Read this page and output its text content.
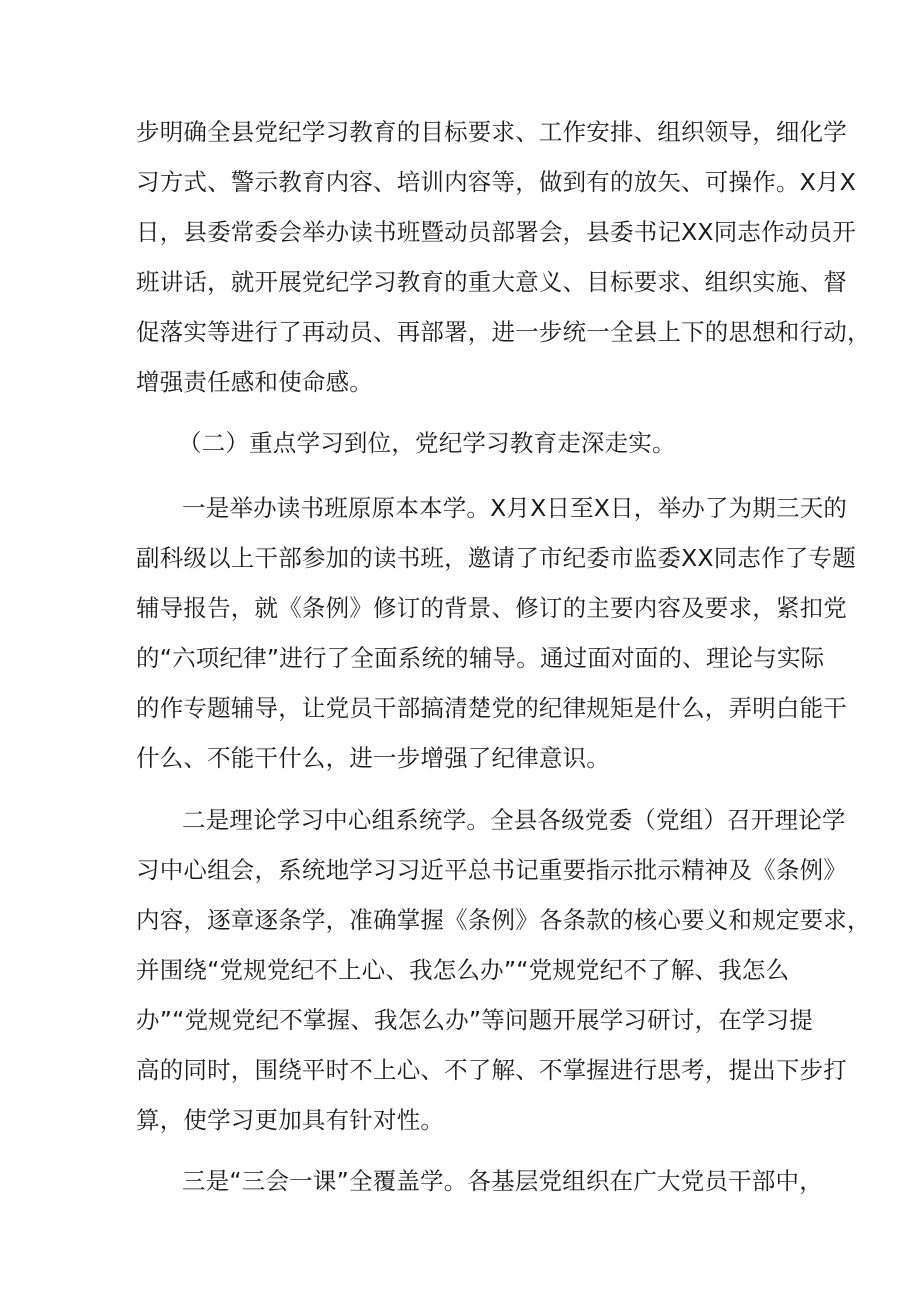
步明确全县党纪学习教育的目标要求、工作安排、组织领导，细化学

习方式、警示教育内容、培训内容等，做到有的放矢、可操作。X月X

日，县委常委会举办读书班暨动员部署会，县委书记XX同志作动员开

班讲话，就开展党纪学习教育的重大意义、目标要求、组织实施、督

促落实等进行了再动员、再部署，进一步统一全县上下的思想和行动，

增强责任感和使命感。

（二）重点学习到位，党纪学习教育走深走实。

一是举办读书班原原本本学。X月X日至X日，举办了为期三天的

副科级以上干部参加的读书班，邀请了市纪委市监委XX同志作了专题

辅导报告，就《条例》修订的背景、修订的主要内容及要求，紧扣党

的“六项纪律”进行了全面系统的辅导。通过面对面的、理论与实际

的作专题辅导，让党员干部搞清楚党的纪律规矩是什么，弄明白能干

什么、不能干什么，进一步增强了纪律意识。

二是理论学习中心组系统学。全县各级党委（党组）召开理论学

习中心组会，系统地学习习近平总书记重要指示批示精神及《条例》

内容，逐章逐条学，准确掌握《条例》各条款的核心要义和规定要求，

并围绕“党规党纪不上心、我怎么办”“党规党纪不了解、我怎么

办”“党规党纪不掌握、我怎么办”等问题开展学习研讨，在学习提

高的同时，围绕平时不上心、不了解、不掌握进行思考，提出下步打

算，使学习更加具有针对性。

三是“三会一课”全覆盖学。各基层党组织在广大党员干部中，
